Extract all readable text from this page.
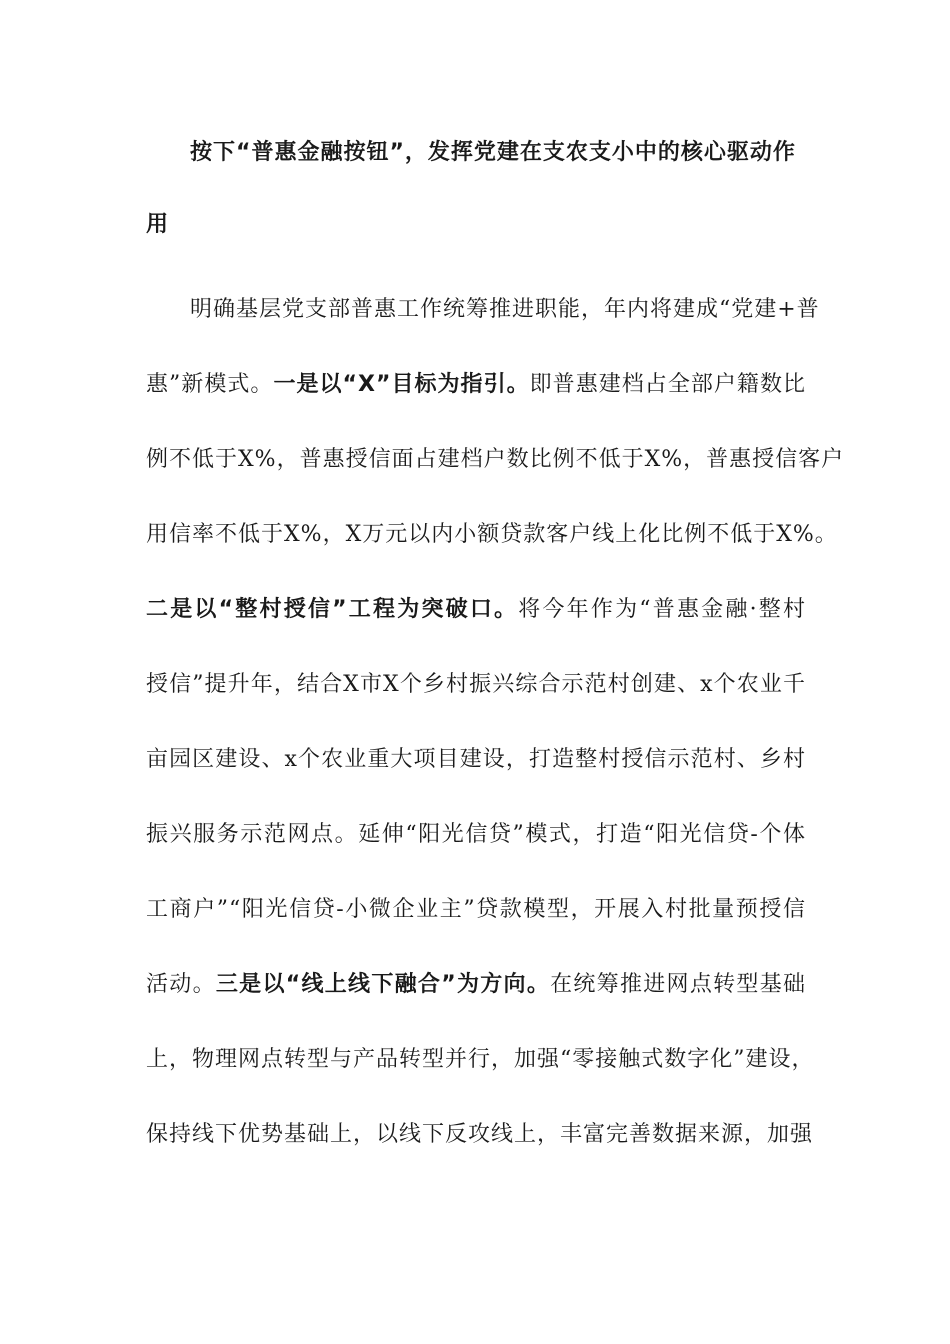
按下“普惠金融按钮”，发挥党建在支农支小中的核心驱动作
用
明确基层党支部普惠工作统筹推进职能，年内将建成“党建+普
惠”新模式。一是以“X”目标为指引。即普惠建档占全部户籍数比
例不低于X%，普惠授信面占建档户数比例不低于X%，普惠授信客户
用信率不低于X%，X万元以内小额贷款客户线上化比例不低于X%。
二是以“整村授信”工程为突破口。将今年作为“普惠金融·整村
授信”提升年，结合X市X个乡村振兴综合示范村创建、x个农业千
亩园区建设、x个农业重大项目建设，打造整村授信示范村、乡村
振兴服务示范网点。延伸“阳光信贷”模式，打造“阳光信贷-个体
工商户”“阳光信贷-小微企业主”贷款模型，开展入村批量预授信
活动。三是以“线上线下融合”为方向。在统筹推进网点转型基础
上，物理网点转型与产品转型并行，加强“零接触式数字化”建设，
保持线下优势基础上，以线下反攻线上，丰富完善数据来源，加强
